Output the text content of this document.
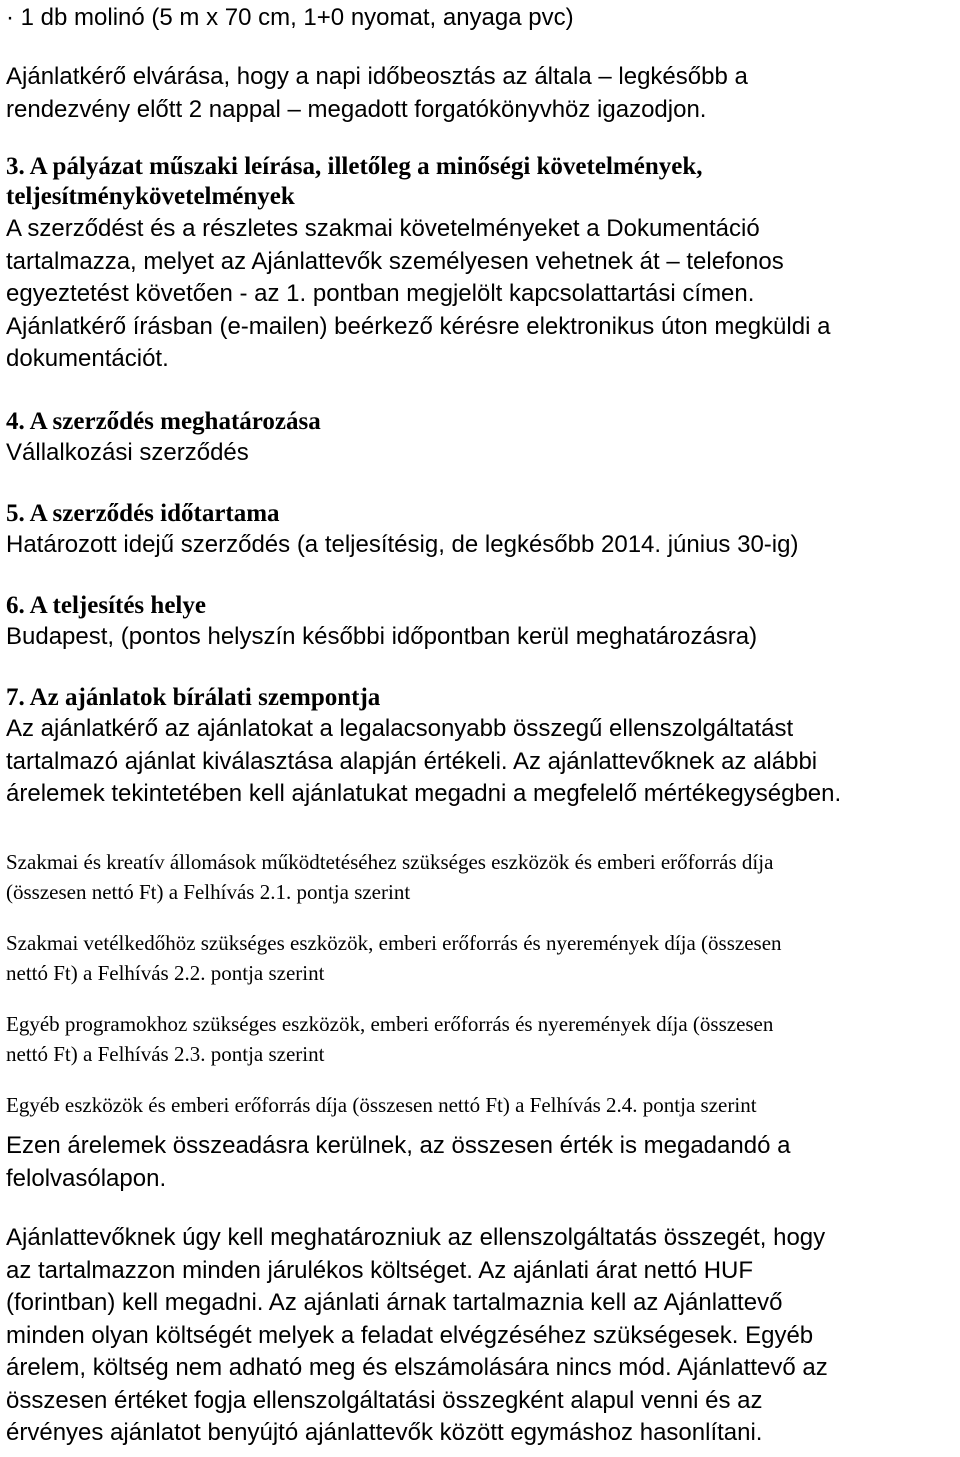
· 1 db molinó (5 m x 70 cm, 1+0 nyomat, anyaga pvc)
Ajánlatkérő elvárása, hogy a napi időbeosztás az általa – legkésőbb a
rendezvény előtt 2 nappal – megadott forgatókönyvhöz igazodjon.
3. A pályázat műszaki leírása, illetőleg a minőségi követelmények,
teljesítménykövetelmények
A szerződést és a részletes szakmai követelményeket a Dokumentáció
tartalmazza, melyet az Ajánlattevők személyesen vehetnek át – telefonos
egyeztetést követően - az 1. pontban megjelölt kapcsolattartási címen.
Ajánlatkérő írásban (e-mailen) beérkező kérésre elektronikus úton megküldi a
dokumentációt.
4. A szerződés meghatározása
Vállalkozási szerződés
5. A szerződés időtartama
Határozott idejű szerződés (a teljesítésig, de legkésőbb 2014. június 30-ig)
6. A teljesítés helye
Budapest, (pontos helyszín későbbi időpontban kerül meghatározásra)
7. Az ajánlatok bírálati szempontja
Az ajánlatkérő az ajánlatokat a legalacsonyabb összegű ellenszolgáltatást
tartalmazó ajánlat kiválasztása alapján értékeli. Az ajánlattevőknek az alábbi
árelemek tekintetében kell ajánlatukat megadni a megfelelő mértékegységben.
Szakmai és kreatív állomások működtetéséhez szükséges eszközök és emberi erőforrás díja
(összesen nettó Ft) a Felhívás 2.1. pontja szerint
Szakmai vetélkedőhöz szükséges eszközök, emberi erőforrás és nyeremények díja (összesen
nettó Ft) a Felhívás 2.2. pontja szerint
Egyéb programokhoz szükséges eszközök, emberi erőforrás és nyeremények díja (összesen
nettó Ft) a Felhívás 2.3. pontja szerint
Egyéb eszközök és emberi erőforrás díja (összesen nettó Ft) a Felhívás 2.4. pontja szerint
Ezen árelemek összeadásra kerülnek, az összesen érték is megadandó a
felolvasólapon.
Ajánlattevőknek úgy kell meghatározniuk az ellenszolgáltatás összegét, hogy
az tartalmazzon minden járulékos költséget. Az ajánlati árat nettó HUF
(forintban) kell megadni. Az ajánlati árnak tartalmaznia kell az Ajánlattevő
minden olyan költségét melyek a feladat elvégzéséhez szükségesek. Egyéb
árelem, költség nem adható meg és elszámolására nincs mód. Ajánlattevő az
összesen értéket fogja ellenszolgáltatási összegként alapul venni és az
érvényes ajánlatot benyújtó ajánlattevők között egymáshoz hasonlítani.
